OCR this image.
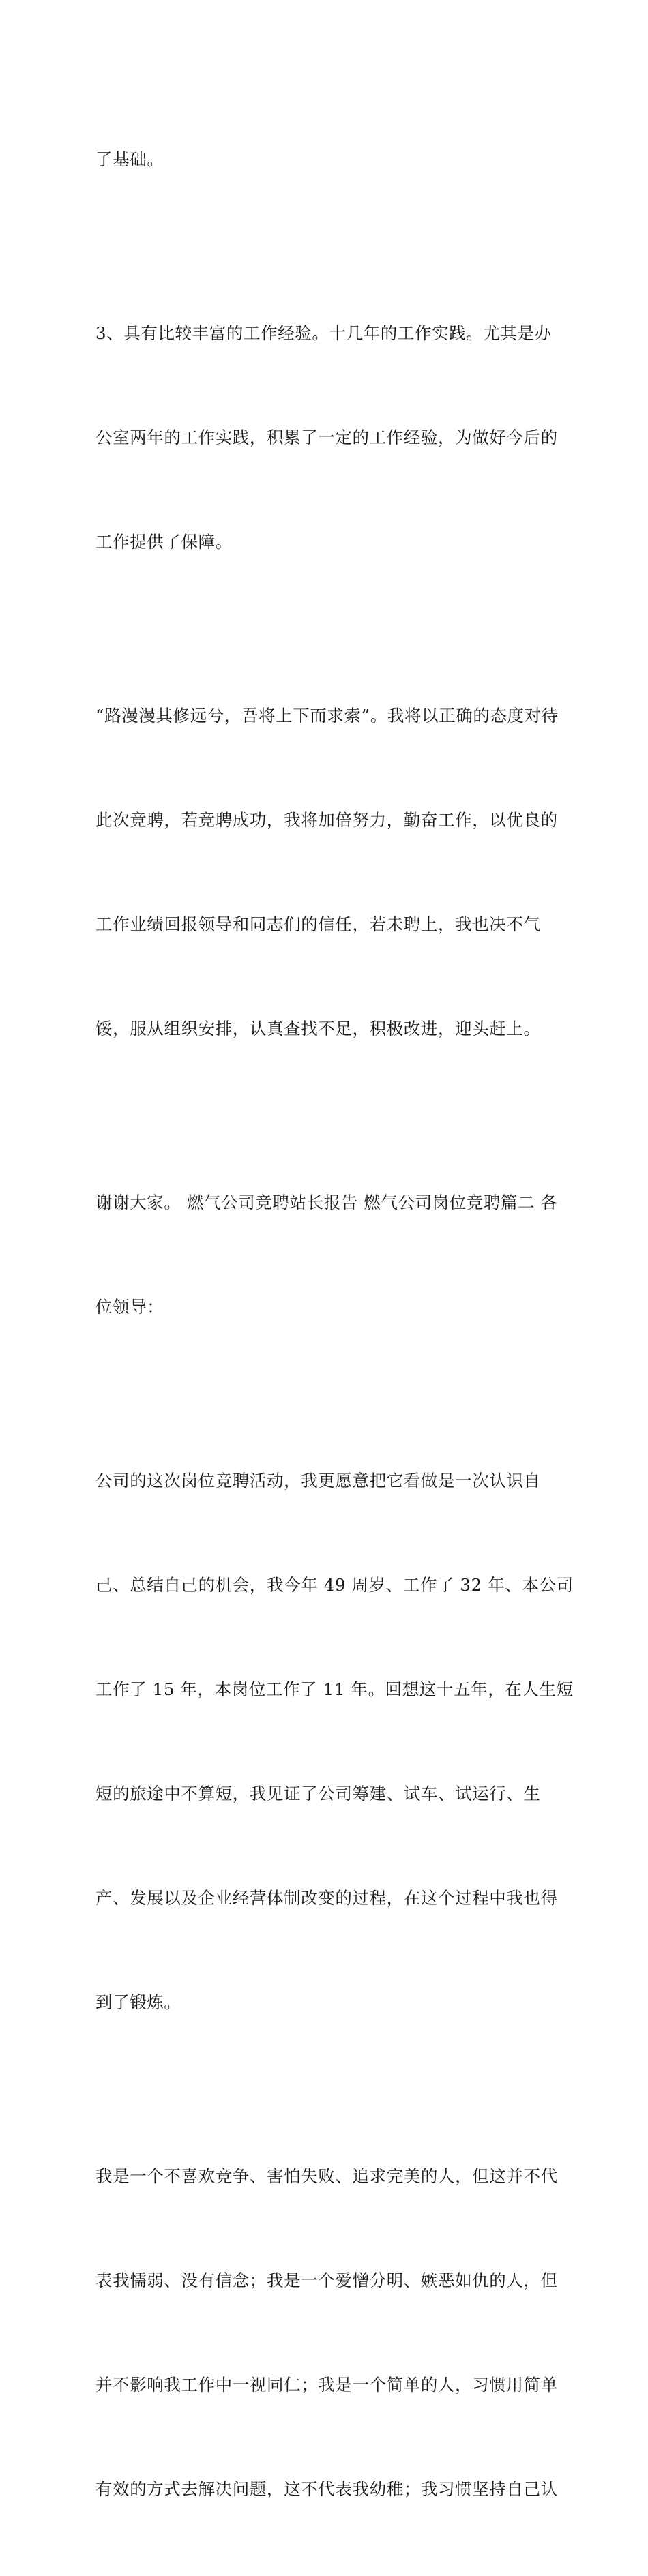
了基础。

3、具有比较丰富的工作经验。十几年的工作实践。尤其是办

公室两年的工作实践，积累了一定的工作经验，为做好今后的

工作提供了保障。

“路漫漫其修远兮，吾将上下而求索”。我将以正确的态度对待

此次竞聘，若竞聘成功，我将加倍努力，勤奋工作，以优良的

工作业绩回报领导和同志们的信任，若未聘上，我也决不气

馁，服从组织安排，认真查找不足，积极改进，迎头赶上。

谢谢大家。 燃气公司竞聘站长报告 燃气公司岗位竞聘篇二 各

位领导：

公司的这次岗位竞聘活动，我更愿意把它看做是一次认识自

己、总结自己的机会，我今年 49 周岁、工作了 32 年、本公司

工作了 15 年，本岗位工作了 11 年。回想这十五年，在人生短

短的旅途中不算短，我见证了公司筹建、试车、试运行、生

产、发展以及企业经营体制改变的过程，在这个过程中我也得

到了锻炼。

我是一个不喜欢竞争、害怕失败、追求完美的人，但这并不代

表我懦弱、没有信念；我是一个爱憎分明、嫉恶如仇的人，但

并不影响我工作中一视同仁；我是一个简单的人，习惯用简单

有效的方式去解决问题，这不代表我幼稚；我习惯坚持自己认
